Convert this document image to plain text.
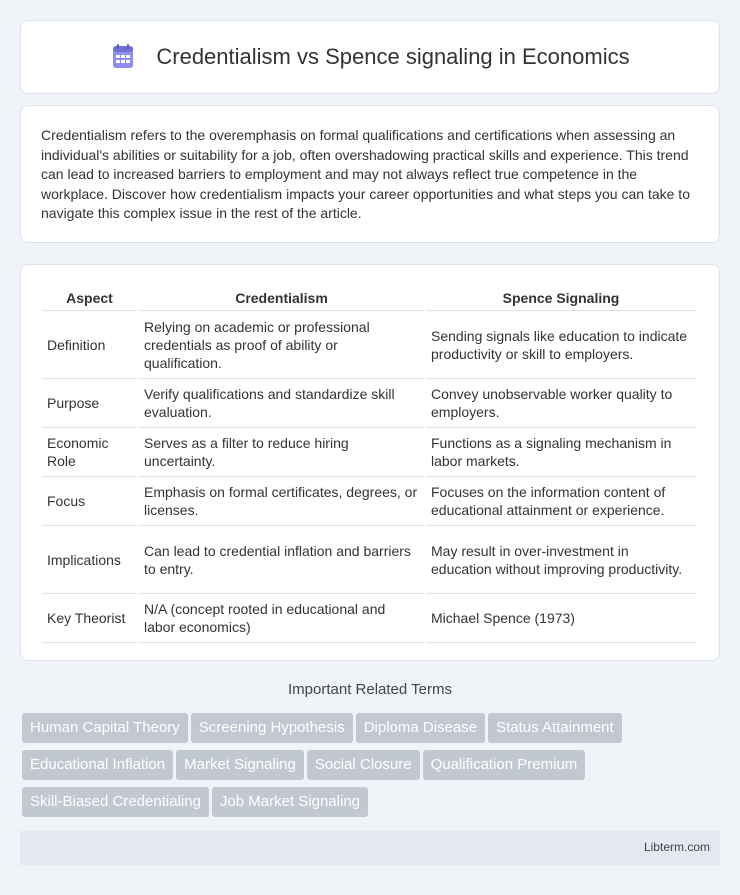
Credentialism vs Spence signaling in Economics

Credentialism refers to the overemphasis on formal qualifications and certifications when assessing an individual's abilities or suitability for a job, often overshadowing practical skills and experience. This trend can lead to increased barriers to employment and may not always reflect true competence in the workplace. Discover how credentialism impacts your career opportunities and what steps you can take to navigate this complex issue in the rest of the article.

Aspect	Credentialism	Spence Signaling
Definition	Relying on academic or professional credentials as proof of ability or qualification.	Sending signals like education to indicate productivity or skill to employers.
Purpose	Verify qualifications and standardize skill evaluation.	Convey unobservable worker quality to employers.
Economic Role	Serves as a filter to reduce hiring uncertainty.	Functions as a signaling mechanism in labor markets.
Focus	Emphasis on formal certificates, degrees, or licenses.	Focuses on the information content of educational attainment or experience.
Implications	Can lead to credential inflation and barriers to entry.	May result in over-investment in education without improving productivity.
Key Theorist	N/A (concept rooted in educational and labor economics)	Michael Spence (1973)
Important Related Terms
Human Capital Theory Screening Hypothesis Diploma Disease Status Attainment
Educational Inflation Market Signaling Social Closure Qualification Premium
Skill-Biased Credentialing Job Market Signaling
Libterm.com
